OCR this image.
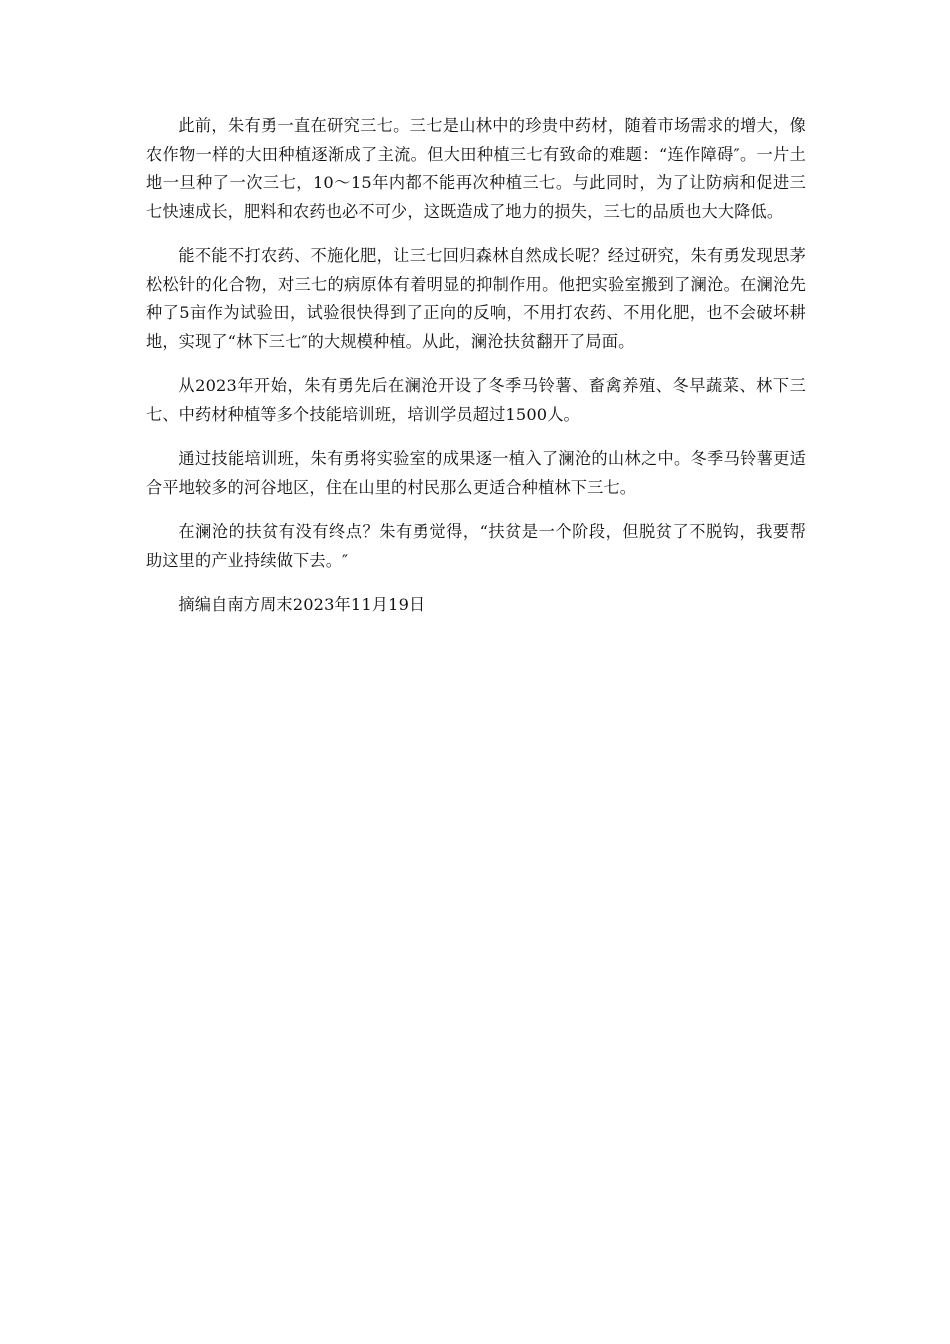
此前，朱有勇一直在研究三七。三七是山林中的珍贵中药材，随着市场需求的增大，像农作物一样的大田种植逐渐成了主流。但大田种植三七有致命的难题：“连作障碍″。一片土地一旦种了一次三七，10～15年内都不能再次种植三七。与此同时，为了让防病和促进三七快速成长，肥料和农药也必不可少，这既造成了地力的损失，三七的品质也大大降低。

能不能不打农药、不施化肥，让三七回归森林自然成长呢？经过研究，朱有勇发现思茅松松针的化合物，对三七的病原体有着明显的抑制作用。他把实验室搬到了澜沧。在澜沧先种了5亩作为试验田，试验很快得到了正向的反响，不用打农药、不用化肥，也不会破坏耕地，实现了“林下三七″的大规模种植。从此，澜沧扶贫翻开了局面。

从2023年开始，朱有勇先后在澜沧开设了冬季马铃薯、畜禽养殖、冬早蔬菜、林下三七、中药材种植等多个技能培训班，培训学员超过1500人。

通过技能培训班，朱有勇将实验室的成果逐一植入了澜沧的山林之中。冬季马铃薯更适合平地较多的河谷地区，住在山里的村民那么更适合种植林下三七。

在澜沧的扶贫有没有终点？朱有勇觉得，“扶贫是一个阶段，但脱贫了不脱钩，我要帮助这里的产业持续做下去。″

摘编自南方周末2023年11月19日
